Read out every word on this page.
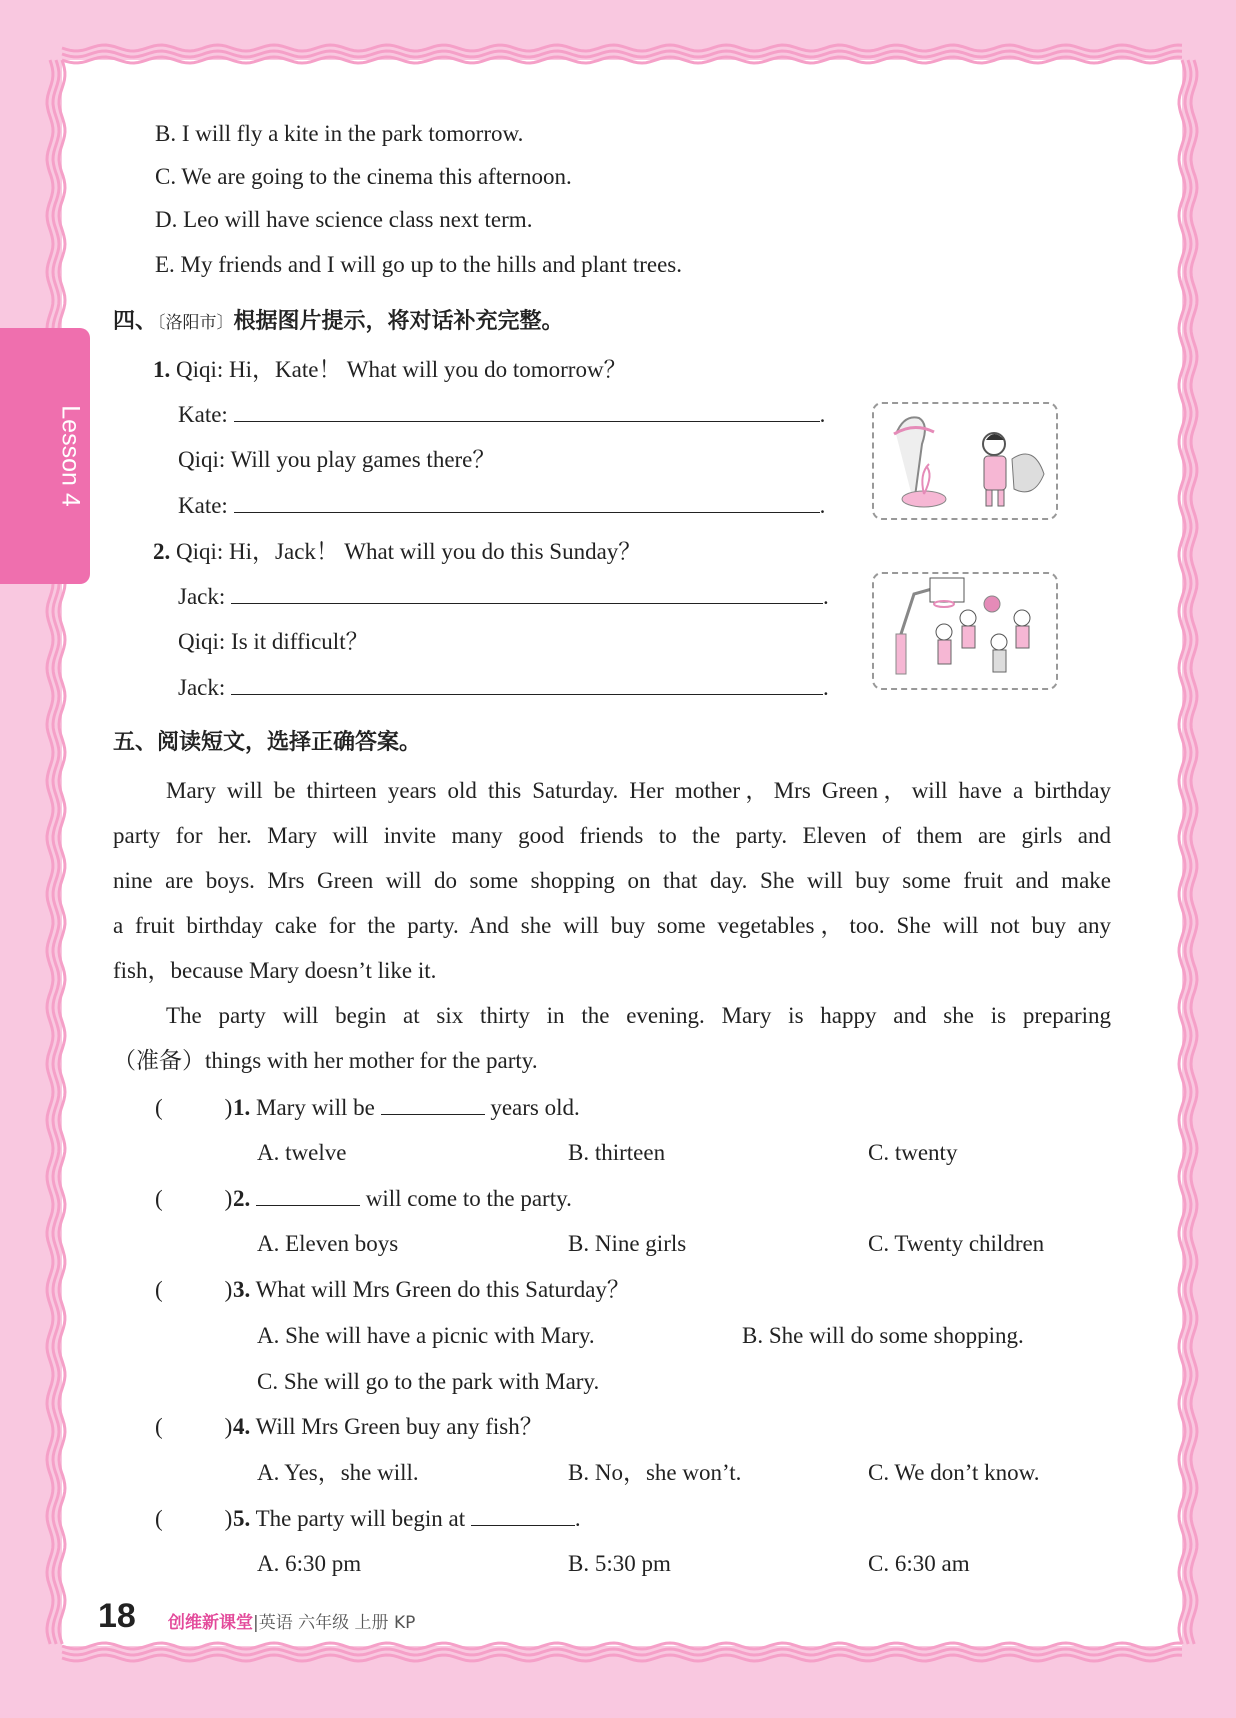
Lesson 4
B. I will fly a kite in the park tomorrow.
C. We are going to the cinema this afternoon.
D. Leo will have science class next term.
E. My friends and I will go up to the hills and plant trees.
四、〔洛阳市〕根据图片提示，将对话补充完整。
1. Qiqi: Hi，Kate！ What will you do tomorrow？
Kate:	.
Qiqi: Will you play games there？
Kate:	.
2. Qiqi: Hi，Jack！ What will you do this Sunday？
Jack:	.
Qiqi: Is it difficult？
Jack:	.
五、阅读短文，选择正确答案。
Mary will be thirteen years old this Saturday. Her mother，Mrs Green，will have a birthday
party for her. Mary will invite many good friends to the party. Eleven of them are girls and
nine are boys. Mrs Green will do some shopping on that day. She will buy some fruit and make
a fruit birthday cake for the party. And she will buy some vegetables，too. She will not buy any
fish，because Mary doesn’t like it.
The party will begin at six thirty in the evening. Mary is happy and she is preparing
（准备）things with her mother for the party.
(	) 1. Mary will be	years old.
A. twelve	B. thirteen	C. twenty
(	) 2.	will come to the party.
A. Eleven boys	B. Nine girls	C. Twenty children
(	) 3. What will Mrs Green do this Saturday？
A. She will have a picnic with Mary.	B. She will do some shopping.
C. She will go to the park with Mary.
(	) 4. Will Mrs Green buy any fish？
A. Yes，she will.	B. No，she won’t.	C. We don’t know.
(	) 5. The party will begin at	.
A. 6:30 pm	B. 5:30 pm	C. 6:30 am
18 创维新课堂|英语 六年级 上册 KP
